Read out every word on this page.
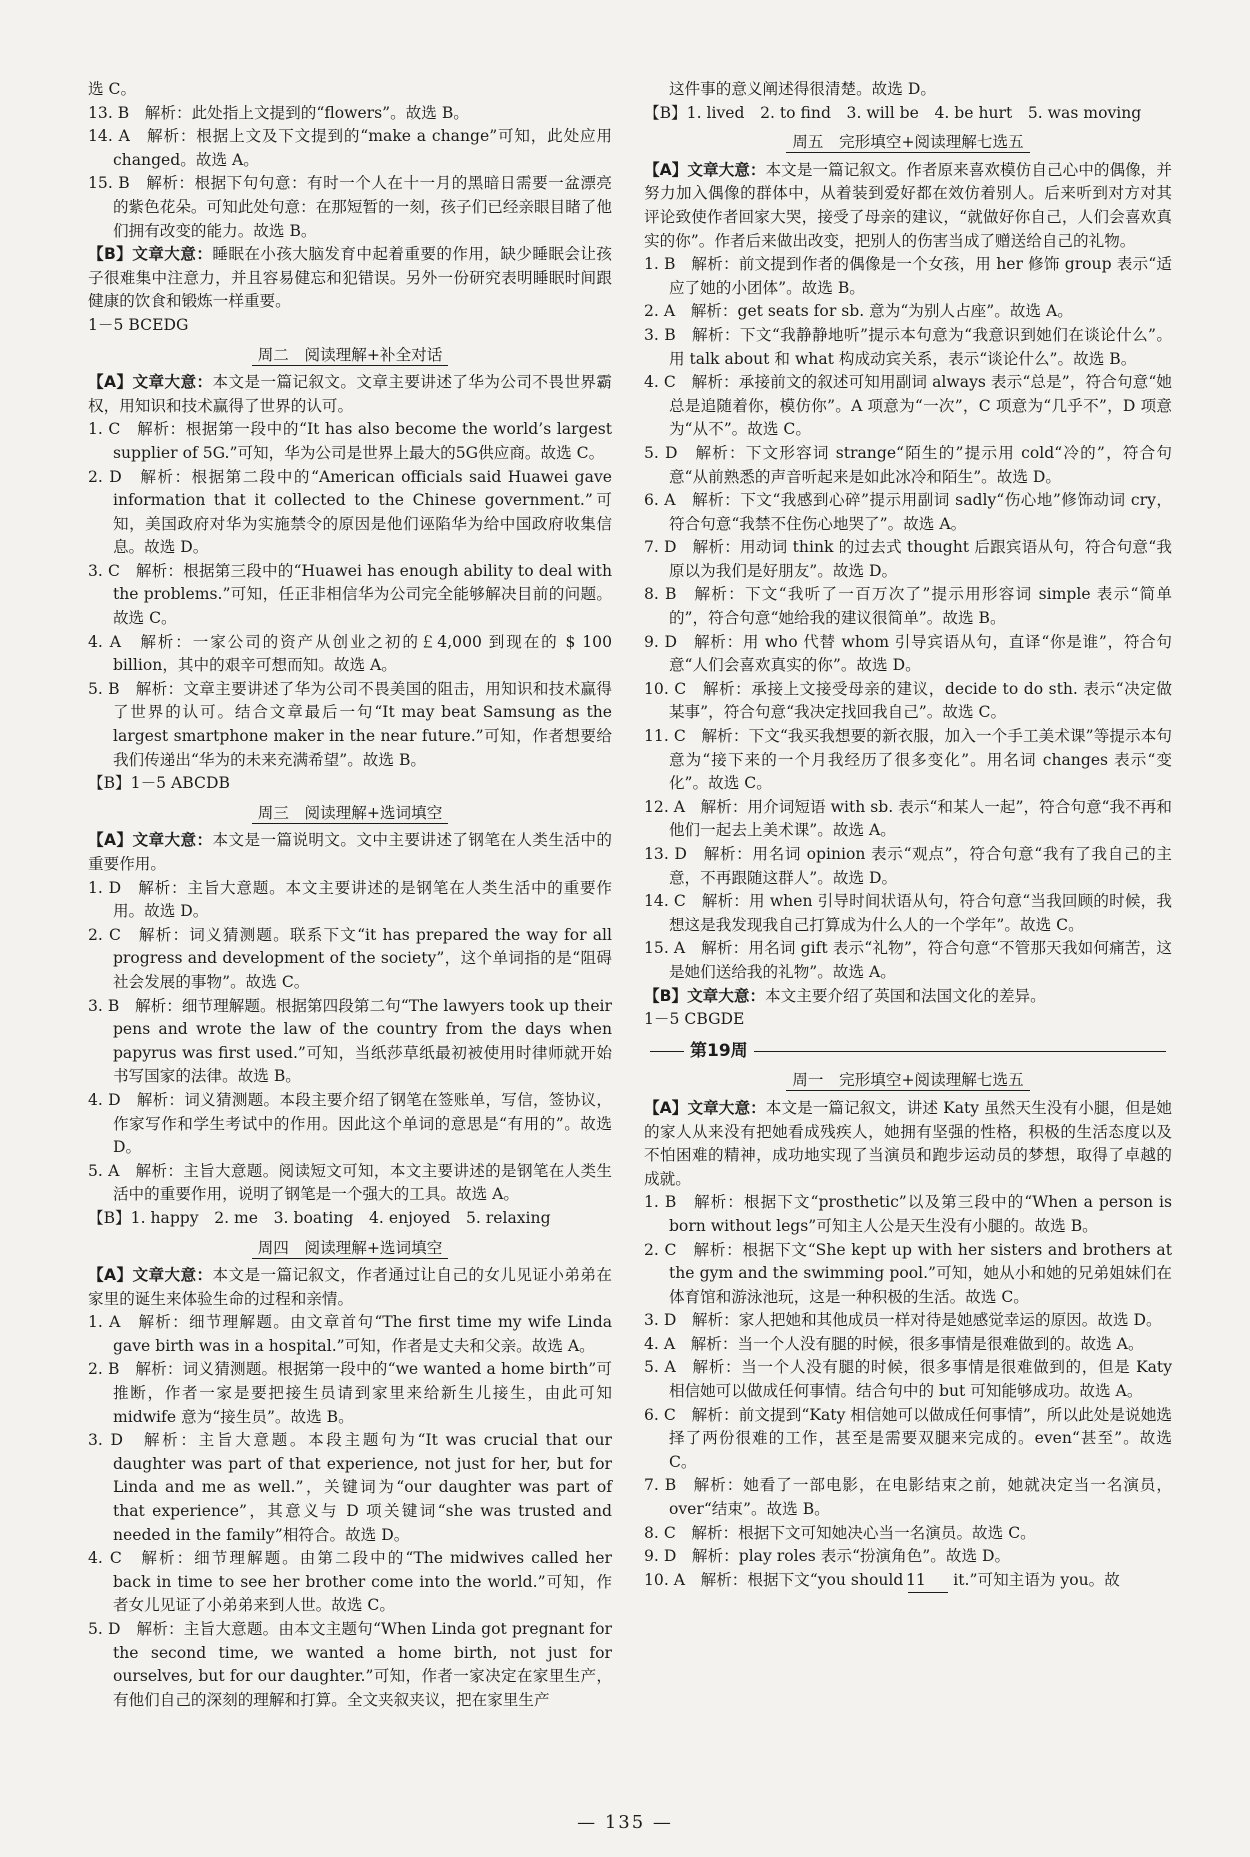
选 C。

13. B　解析：此处指上文提到的“flowers”。故选 B。

14. A　解析：根据上文及下文提到的“make a change”可知，此处应用 changed。故选 A。

15. B　解析：根据下句句意：有时一个人在十一月的黑暗日需要一盆漂亮的紫色花朵。可知此处句意：在那短暂的一刻，孩子们已经亲眼目睹了他们拥有改变的能力。故选 B。

【B】文章大意：睡眠在小孩大脑发育中起着重要的作用，缺少睡眠会让孩子很难集中注意力，并且容易健忘和犯错误。另外一份研究表明睡眠时间跟健康的饮食和锻炼一样重要。

1－5 BCEDG

周二　阅读理解+补全对话

【A】文章大意：本文是一篇记叙文。文章主要讲述了华为公司不畏世界霸权，用知识和技术赢得了世界的认可。

1. C　解析：根据第一段中的“It has also become the world’s largest supplier of 5G.”可知，华为公司是世界上最大的5G供应商。故选 C。

2. D　解析：根据第二段中的“American officials said Huawei gave information that it collected to the Chinese government.”可知，美国政府对华为实施禁令的原因是他们诬陷华为给中国政府收集信息。故选 D。

3. C　解析：根据第三段中的“Huawei has enough ability to deal with the problems.”可知，任正非相信华为公司完全能够解决目前的问题。故选 C。

4. A　解析：一家公司的资产从创业之初的￡4,000 到现在的 $ 100 billion，其中的艰辛可想而知。故选 A。

5. B　解析：文章主要讲述了华为公司不畏美国的阻击，用知识和技术赢得了世界的认可。结合文章最后一句“It may beat Samsung as the largest smartphone maker in the near future.”可知，作者想要给我们传递出“华为的未来充满希望”。故选 B。

【B】1－5 ABCDB

周三　阅读理解+选词填空

【A】文章大意：本文是一篇说明文。文中主要讲述了钢笔在人类生活中的重要作用。

1. D　解析：主旨大意题。本文主要讲述的是钢笔在人类生活中的重要作用。故选 D。

2. C　解析：词义猜测题。联系下文“it has prepared the way for all progress and development of the society”，这个单词指的是“阻碍社会发展的事物”。故选 C。

3. B　解析：细节理解题。根据第四段第二句“The lawyers took up their pens and wrote the law of the country from the days when papyrus was first used.”可知，当纸莎草纸最初被使用时律师就开始书写国家的法律。故选 B。

4. D　解析：词义猜测题。本段主要介绍了钢笔在签账单，写信，签协议，作家写作和学生考试中的作用。因此这个单词的意思是“有用的”。故选 D。

5. A　解析：主旨大意题。阅读短文可知，本文主要讲述的是钢笔在人类生活中的重要作用，说明了钢笔是一个强大的工具。故选 A。

【B】1. happy　2. me　3. boating　4. enjoyed　5. relaxing

周四　阅读理解+选词填空

【A】文章大意：本文是一篇记叙文，作者通过让自己的女儿见证小弟弟在家里的诞生来体验生命的过程和亲情。

1. A　解析：细节理解题。由文章首句“The first time my wife Linda gave birth was in a hospital.”可知，作者是丈夫和父亲。故选 A。

2. B　解析：词义猜测题。根据第一段中的“we wanted a home birth”可推断，作者一家是要把接生员请到家里来给新生儿接生，由此可知 midwife 意为“接生员”。故选 B。

3. D　解析：主旨大意题。本段主题句为“It was crucial that our daughter was part of that experience, not just for her, but for Linda and me as well.”，关键词为“our daughter was part of that experience”，其意义与 D 项关键词“she was trusted and needed in the family”相符合。故选 D。

4. C　解析：细节理解题。由第二段中的“The midwives called her back in time to see her brother come into the world.”可知，作者女儿见证了小弟弟来到人世。故选 C。

5. D　解析：主旨大意题。由本文主题句“When Linda got pregnant for the second time, we wanted a home birth, not just for ourselves, but for our daughter.”可知，作者一家决定在家里生产，有他们自己的深刻的理解和打算。全文夹叙夹议，把在家里生产

这件事的意义阐述得很清楚。故选 D。

【B】1. lived　2. to find　3. will be　4. be hurt　5. was moving

周五　完形填空+阅读理解七选五

【A】文章大意：本文是一篇记叙文。作者原来喜欢模仿自己心中的偶像，并努力加入偶像的群体中，从着装到爱好都在效仿着别人。后来听到对方对其评论致使作者回家大哭，接受了母亲的建议，“就做好你自己，人们会喜欢真实的你”。作者后来做出改变，把别人的伤害当成了赠送给自己的礼物。

1. B　解析：前文提到作者的偶像是一个女孩，用 her 修饰 group 表示“适应了她的小团体”。故选 B。

2. A　解析：get seats for sb. 意为“为别人占座”。故选 A。

3. B　解析：下文“我静静地听”提示本句意为“我意识到她们在谈论什么”。用 talk about 和 what 构成动宾关系，表示“谈论什么”。故选 B。

4. C　解析：承接前文的叙述可知用副词 always 表示“总是”，符合句意“她总是追随着你，模仿你”。A 项意为“一次”，C 项意为“几乎不”，D 项意为“从不”。故选 C。

5. D　解析：下文形容词 strange“陌生的”提示用 cold“冷的”，符合句意“从前熟悉的声音听起来是如此冰冷和陌生”。故选 D。

6. A　解析：下文“我感到心碎”提示用副词 sadly“伤心地”修饰动词 cry，符合句意“我禁不住伤心地哭了”。故选 A。

7. D　解析：用动词 think 的过去式 thought 后跟宾语从句，符合句意“我原以为我们是好朋友”。故选 D。

8. B　解析：下文“我听了一百万次了”提示用形容词 simple 表示“简单的”，符合句意“她给我的建议很简单”。故选 B。

9. D　解析：用 who 代替 whom 引导宾语从句，直译“你是谁”，符合句意“人们会喜欢真实的你”。故选 D。

10. C　解析：承接上文接受母亲的建议，decide to do sth. 表示“决定做某事”，符合句意“我决定找回我自己”。故选 C。

11. C　解析：下文“我买我想要的新衣服，加入一个手工美术课”等提示本句意为“接下来的一个月我经历了很多变化”。用名词 changes 表示“变化”。故选 C。

12. A　解析：用介词短语 with sb. 表示“和某人一起”，符合句意“我不再和他们一起去上美术课”。故选 A。

13. D　解析：用名词 opinion 表示“观点”，符合句意“我有了我自己的主意，不再跟随这群人”。故选 D。

14. C　解析：用 when 引导时间状语从句，符合句意“当我回顾的时候，我想这是我发现我自己打算成为什么人的一个学年”。故选 C。

15. A　解析：用名词 gift 表示“礼物”，符合句意“不管那天我如何痛苦，这是她们送给我的礼物”。故选 A。

【B】文章大意：本文主要介绍了英国和法国文化的差异。

1－5 CBGDE

第19周
周一　完形填空+阅读理解七选五

【A】文章大意：本文是一篇记叙文，讲述 Katy 虽然天生没有小腿，但是她的家人从来没有把她看成残疾人，她拥有坚强的性格，积极的生活态度以及不怕困难的精神，成功地实现了当演员和跑步运动员的梦想，取得了卓越的成就。

1. B　解析：根据下文“prosthetic”以及第三段中的“When a person is born without legs”可知主人公是天生没有小腿的。故选 B。

2. C　解析：根据下文“She kept up with her sisters and brothers at the gym and the swimming pool.”可知，她从小和她的兄弟姐妹们在体育馆和游泳池玩，这是一种积极的生活。故选 C。

3. D　解析：家人把她和其他成员一样对待是她感觉幸运的原因。故选 D。

4. A　解析：当一个人没有腿的时候，很多事情是很难做到的。故选 A。

5. A　解析：当一个人没有腿的时候，很多事情是很难做到的，但是 Katy 相信她可以做成任何事情。结合句中的 but 可知能够成功。故选 A。

6. C　解析：前文提到“Katy 相信她可以做成任何事情”，所以此处是说她选择了两份很难的工作，甚至是需要双腿来完成的。even“甚至”。故选 C。

7. B　解析：她看了一部电影，在电影结束之前，她就决定当一名演员，over“结束”。故选 B。

8. C　解析：根据下文可知她决心当一名演员。故选 C。

9. D　解析：play roles 表示“扮演角色”。故选 D。

10. A　解析：根据下文“you should 11 it.”可知主语为 you。故

— 135 —
